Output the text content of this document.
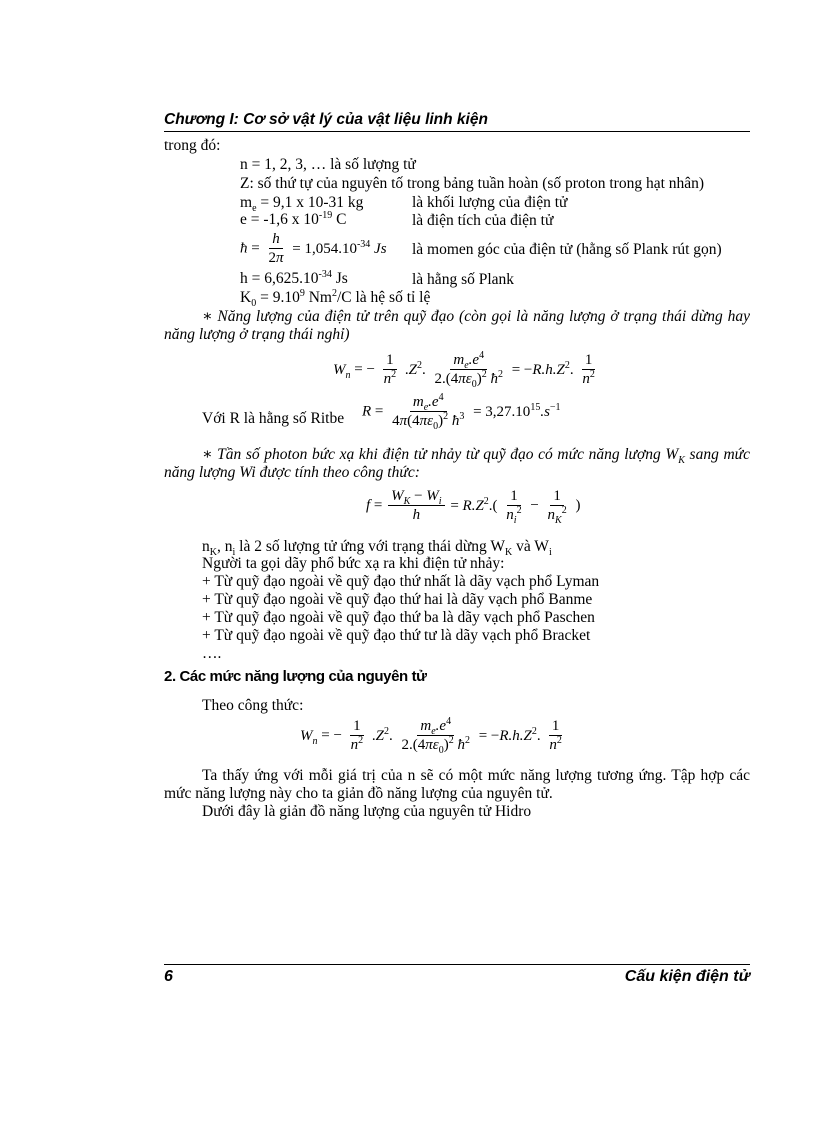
Chương I: Cơ sở vật lý của vật liệu linh kiện
trong đó:
n = 1, 2, 3, … là số lượng tử
Z: số thứ tự của nguyên tố trong bảng tuần hoàn (số proton trong hạt nhân)
$m_e = 9,1$ x 10-31 kg	là khối lượng của điện tử
e = -1,6 x $10^{-19}$ C	là điện tích của điện tử
ħ = $\frac{h}{2\pi} = 1,054.10^{-34}$ Js là momen góc của điện tử (hằng số Plank rút gọn)
$h = 6,625.10^{-34}$ Js	là hằng số Plank
$K_0 = 9.10^9$ Nm$^2$/C là hệ số tỉ lệ
∗ Năng lượng của điện tử trên quỹ đạo (còn gọi là năng lượng ở trạng thái dừng hay năng lượng ở trạng thái nghỉ)
$W_n$ = − $\frac{1}{n^2} .Z^2$. $\frac{m_e.e^4}{2.(4\pi\varepsilon_0)^2 ħ^2} = -R.h.Z^2$. $\frac{1}{n^2}$
Với R là hằng số Ritbe $R = \frac{m_e.e^4}{4\pi(4\pi\varepsilon_0)^2 ħ^3} = 3,27.10^{15}.s^{-1}$
∗ Tần số photon bức xạ khi điện tử nhảy từ quỹ đạo có mức năng lượng $W_K$ sang mức năng lượng Wi được tính theo công thức:
$f = \frac{W_K - W_i}{h} = R.Z^2.( \frac{1}{n_i^2} - \frac{1}{n_K^2}$ )
$n_K$, $n_i$ là 2 số lượng tử ứng với trạng thái dừng $W_K$ và $W_i$
Người ta gọi dãy phổ bức xạ ra khi điện tử nhảy:
+ Từ quỹ đạo ngoài về quỹ đạo thứ nhất là dãy vạch phổ Lyman
+ Từ quỹ đạo ngoài về quỹ đạo thứ hai là dãy vạch phổ Banme
+ Từ quỹ đạo ngoài về quỹ đạo thứ ba là dãy vạch phổ Paschen
+ Từ quỹ đạo ngoài về quỹ đạo thứ tư là dãy vạch phổ Bracket
….
2. Các mức năng lượng của nguyên tử
Theo công thức:
$W_n$ = − $\frac{1}{n^2} .Z^2$. $\frac{m_e.e^4}{2.(4\pi\varepsilon_0)^2 ħ^2} = -R.h.Z^2$. $\frac{1}{n^2}$
Ta thấy ứng với mỗi giá trị của n sẽ có một mức năng lượng tương ứng. Tập hợp các mức năng lượng này cho ta giản đồ năng lượng của nguyên tử.
Dưới đây là giản đồ năng lượng của nguyên tử Hidro
6	Cấu kiện điện tử
